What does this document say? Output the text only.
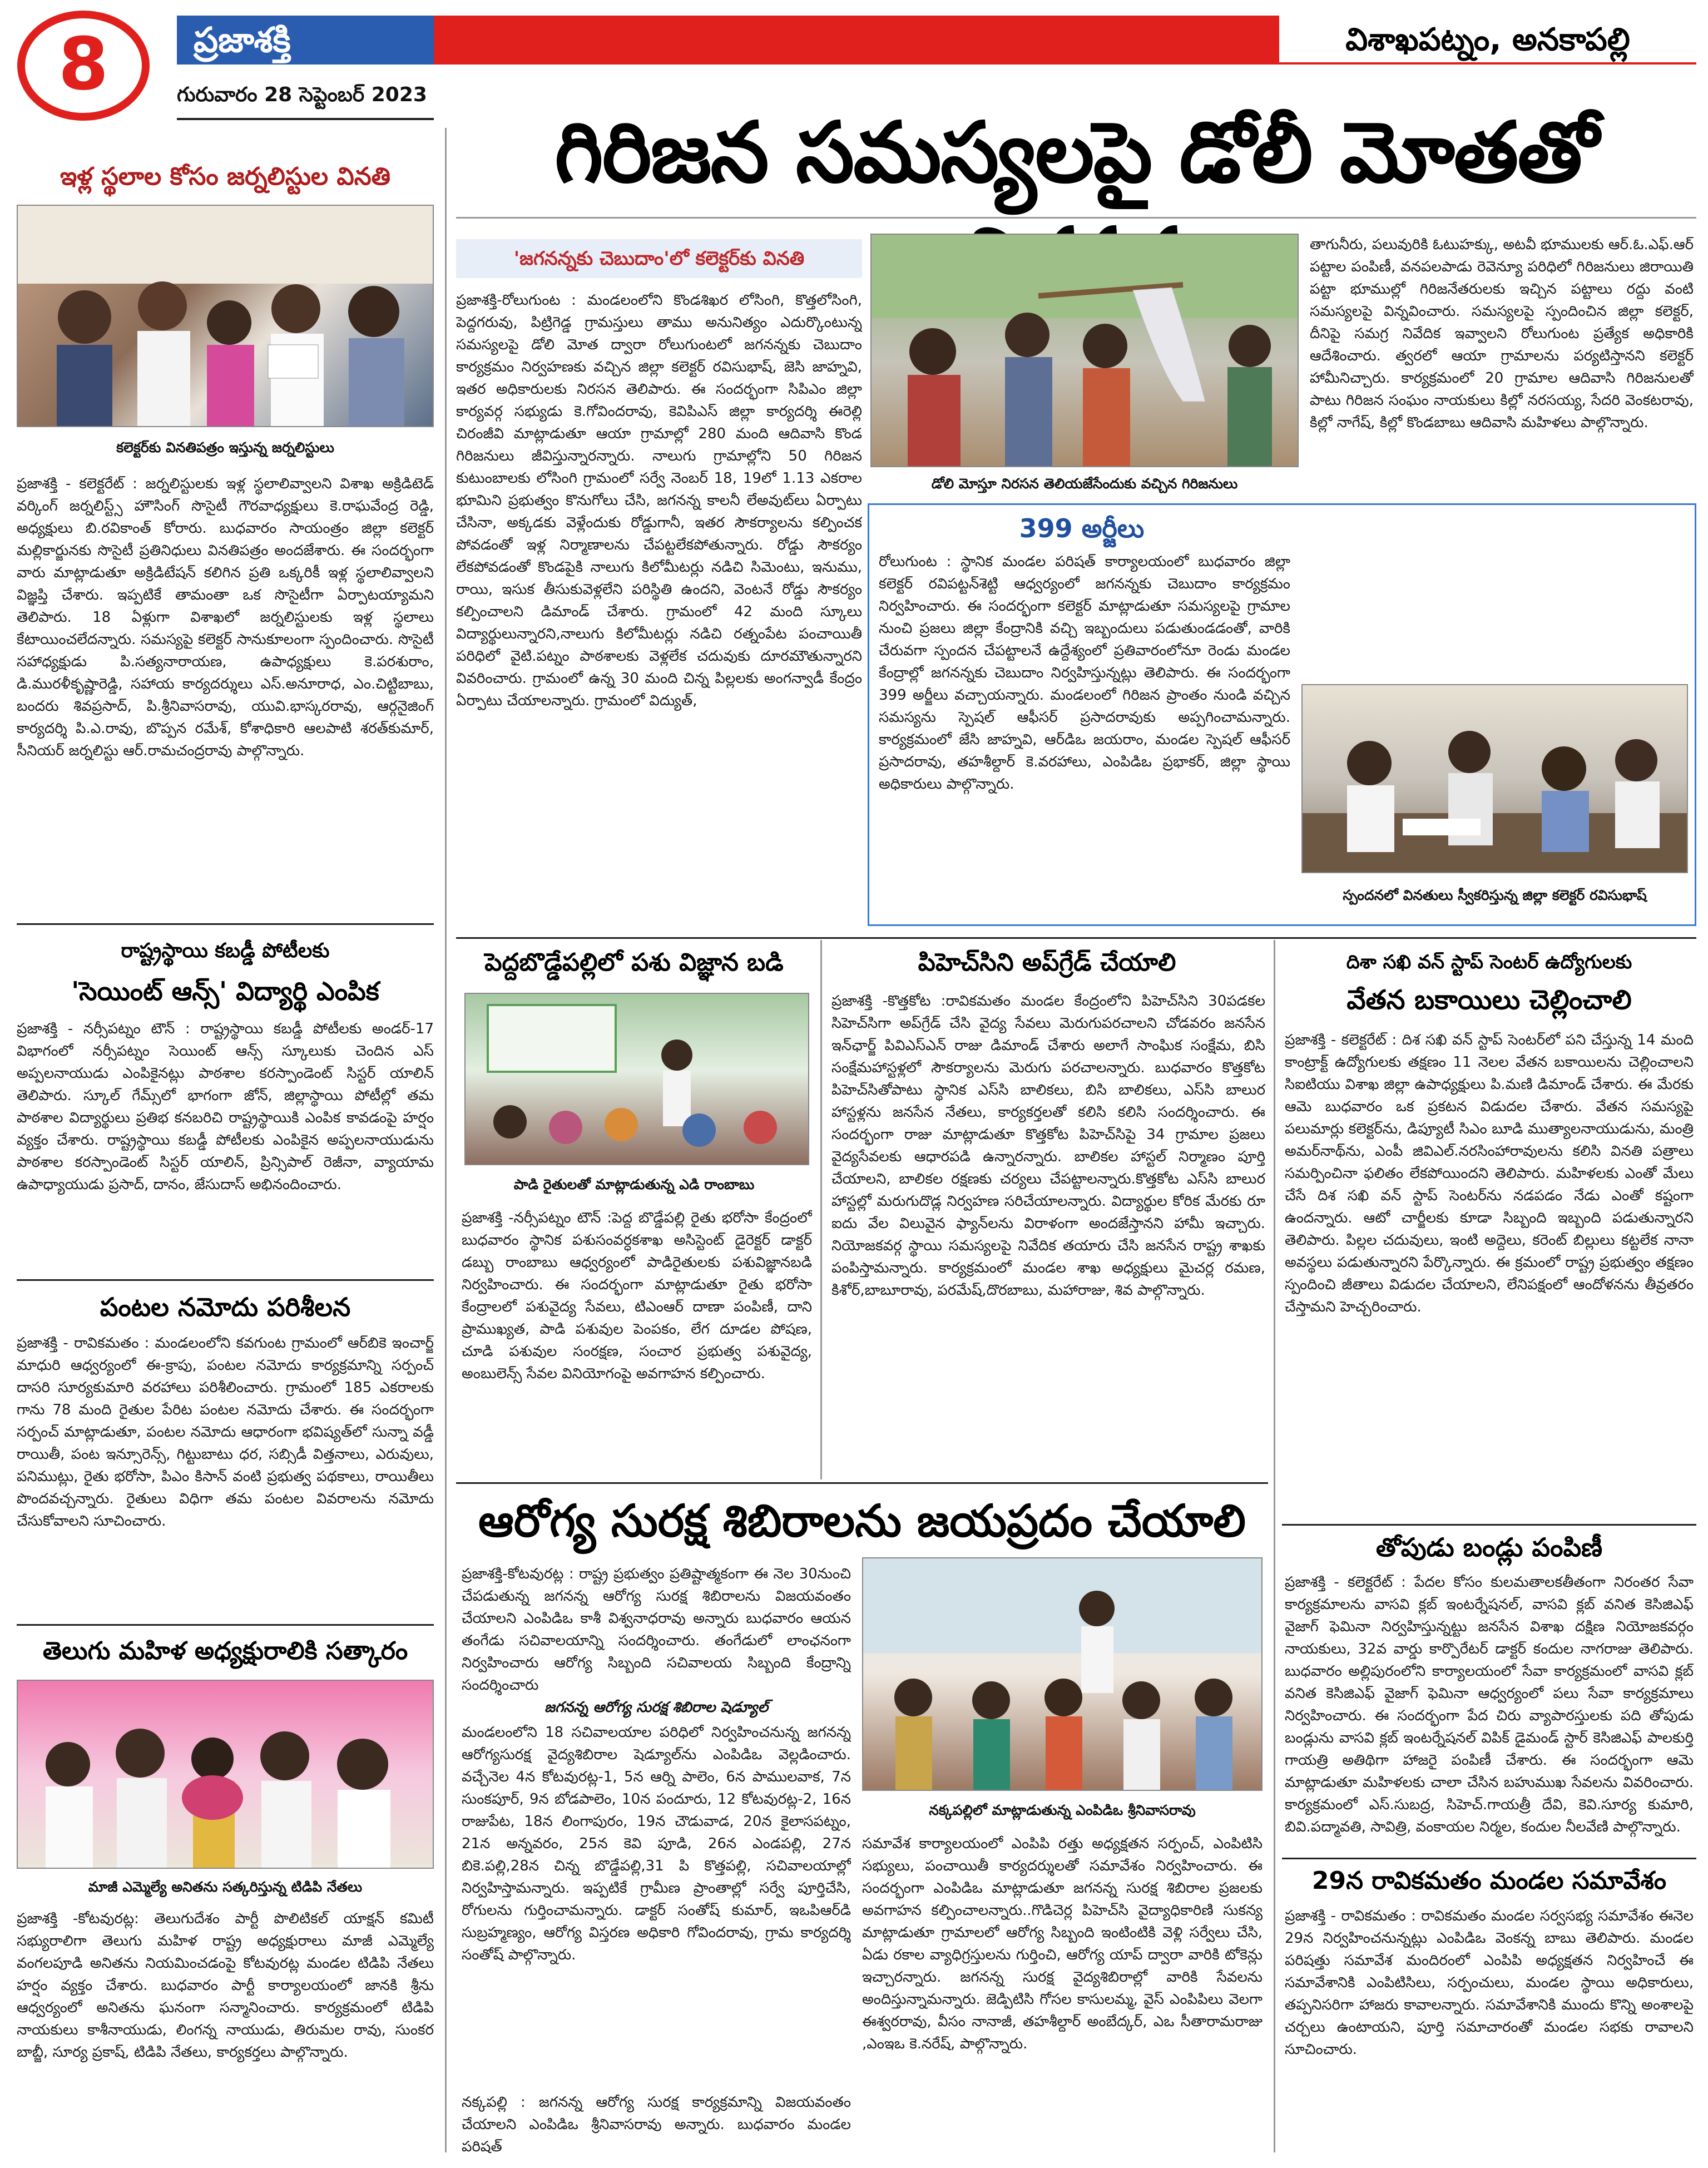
8	ప్రజాశక్తి	విశాఖపట్నం, అనకాపల్లి
గురువారం 28 సెప్టెంబర్ 2023
గిరిజన సమస్యలపై డోలీ మోతతో
ఇళ్ల స్థలాల కోసం జర్నలిస్టుల వినతి
కలెక్టర్‌కు వినతిపత్రం ఇస్తున్న జర్నలిస్టులు
ప్రజాశక్తి - కలెక్టరేట్ : జర్నలిస్టులకు ఇళ్ల స్థలాలివ్వాలని విశాఖ అక్రిడిటెడ్ వర్కింగ్ జర్నలిస్ట్స్ హౌసింగ్ సొసైటీ గౌరవాధ్యక్షులు కె.రాఘవేంద్ర రెడ్డి, అధ్యక్షులు బి.రవికాంత్ కోరారు. బుధవారం సాయంత్రం జిల్లా కలెక్టర్ మల్లికార్జునకు సొసైటీ ప్రతినిధులు వినతిపత్రం అందజేశారు. ఈ సందర్భంగా వారు మాట్లాడుతూ అక్రిడిటేషన్ కలిగిన ప్రతి ఒక్కరికీ ఇళ్ల స్థలాలివ్వాలని విజ్ఞప్తి చేశారు. ఇప్పటికే తామంతా ఒక సొసైటీగా ఏర్పాటయ్యామని తెలిపారు. 18 ఏళ్లుగా విశాఖలో జర్నలిస్టులకు ఇళ్ల స్థలాలు కేటాయించలేదన్నారు. సమస్యపై కలెక్టర్ సానుకూలంగా స్పందించారు. సొసైటీ సహాధ్యక్షుడు పి.సత్యనారాయణ, ఉపాధ్యక్షులు కె.పరశురాం, డి.మురళీకృష్ణారెడ్డి, సహాయ కార్యదర్శులు ఎస్.అనూరాధ, ఎం.చిట్టిబాబు, బందరు శివప్రసాద్, పి.శ్రీనివాసరావు, యువి.భాస్కరరావు, ఆర్గనైజింగ్ కార్యదర్శి పి.ఎ.రావు, బొప్పన రమేశ్, కోశాధికారి ఆలపాటి శరత్‌కుమార్, సీనియర్ జర్నలిస్టు ఆర్.రామచంద్రరావు పాల్గొన్నారు.
రాష్ట్రస్థాయి కబడ్డీ పోటీలకు
'సెయింట్ ఆన్స్' విద్యార్థి ఎంపిక
ప్రజాశక్తి - నర్సీపట్నం టౌన్ : రాష్ట్రస్థాయి కబడ్డీ పోటీలకు అండర్-17 విభాగంలో నర్సీపట్నం సెయింట్ ఆన్స్ స్కూలుకు చెందిన ఎస్ అప్పలనాయుడు ఎంపికైనట్లు పాఠశాల కరస్పాండెంట్ సిస్టర్ యాలిన్ తెలిపారు. స్కూల్ గేమ్స్‌లో భాగంగా జోన్, జిల్లాస్థాయి పోటీల్లో తమ పాఠశాల విద్యార్థులు ప్రతిభ కనబరిచి రాష్ట్రస్థాయికి ఎంపిక కావడంపై హర్షం వ్యక్తం చేశారు. రాష్ట్రస్థాయి కబడ్డీ పోటీలకు ఎంపికైన అప్పలనాయుడును పాఠశాల కరస్పాండెంట్ సిస్టర్ యాలిన్, ప్రిన్సిపాల్ రెజీనా, వ్యాయామ ఉపాధ్యాయుడు ప్రసాద్, దానం, జేసుదాస్ అభినందించారు.
పంటల నమోదు పరిశీలన
ప్రజాశక్తి - రావికమతం : మండలంలోని కవగుంట గ్రామంలో ఆర్‌బికె ఇంచార్జ్ మాధురి ఆధ్వర్యంలో ఈ-క్రాపు, పంటల నమోదు కార్యక్రమాన్ని సర్పంచ్ దాసరి సూర్యకుమారి వరహాలు పరిశీలించారు. గ్రామంలో 185 ఎకరాలకు గాను 78 మంది రైతుల పేరిట పంటల నమోదు చేశారు. ఈ సందర్భంగా సర్పంచ్ మాట్లాడుతూ, పంటల నమోదు ఆధారంగా భవిష్యత్‌లో సున్నా వడ్డీ రాయితీ, పంట ఇన్సూరెన్స్, గిట్టుబాటు ధర, సబ్సిడీ విత్తనాలు, ఎరువులు, పనిముట్లు, రైతు భరోసా, పిఎం కిసాన్ వంటి ప్రభుత్వ పథకాలు, రాయితీలు పొందవచ్చన్నారు. రైతులు విధిగా తమ పంటల వివరాలను నమోదు చేసుకోవాలని సూచించారు.
తెలుగు మహిళ అధ్యక్షురాలికి సత్కారం
మాజీ ఎమ్మెల్యే అనితను సత్కరిస్తున్న టిడిపి నేతలు
ప్రజాశక్తి -కోటవురట్ల: తెలుగుదేశం పార్టీ పొలిటికల్ యాక్షన్ కమిటీ సభ్యురాలిగా తెలుగు మహిళ రాష్ట్ర అధ్యక్షురాలు మాజీ ఎమ్మెల్యే వంగలపూడి అనితను నియమించడంపై కోటవురట్ల మండల టిడిపి నేతలు హర్షం వ్యక్తం చేశారు. బుధవారం పార్టీ కార్యాలయంలో జానకి శ్రీను ఆధ్వర్యంలో అనితను ఘనంగా సన్మానించారు. కార్యక్రమంలో టిడిపి నాయకులు కాశీనాయుడు, లింగన్న నాయుడు, తిరుమల రావు, సుంకర బాబ్జీ, సూర్య ప్రకాష్, టిడిపి నేతలు, కార్యకర్తలు పాల్గొన్నారు.
'జగనన్నకు చెబుదాం'లో కలెక్టర్‌కు వినతి
ప్రజాశక్తి-రోలుగుంట : మండలంలోని కొండశిఖర లోసింగి, కొత్తలోసింగి, పెద్దగరువు, పిట్రిగెడ్డ గ్రామస్తులు తాము అనునిత్యం ఎదుర్కొంటున్న సమస్యలపై డోలి మోత ద్వారా రోలుగుంటలో జగనన్నకు చెబుదాం కార్యక్రమం నిర్వహణకు వచ్చిన జిల్లా కలెక్టర్ రవిసుభాష్, జెసి జాహ్నవి, ఇతర అధికారులకు నిరసన తెలిపారు. ఈ సందర్భంగా సిపిఎం జిల్లా కార్యవర్గ సభ్యుడు కె.గోవిందరావు, కెవిపిఎస్ జిల్లా కార్యదర్శి ఈరెల్లి చిరంజీవి మాట్లాడుతూ ఆయా గ్రామాల్లో 280 మంది ఆదివాసి కొండ గిరిజనులు జీవిస్తున్నారన్నారు. నాలుగు గ్రామాల్లోని 50 గిరిజన కుటుంబాలకు లోసింగి గ్రామంలో సర్వే నెంబర్ 18, 19లో 1.13 ఎకరాల భూమిని ప్రభుత్వం కొనుగోలు చేసి, జగనన్న కాలనీ లేఅవుట్‌లు ఏర్పాటు చేసినా, అక్కడకు వెళ్లేందుకు రోడ్డుగానీ, ఇతర సౌకర్యాలను కల్పించక పోవడంతో ఇళ్ల నిర్మాణాలను చేపట్టలేకపోతున్నారు. రోడ్డు సౌకర్యం లేకపోవడంతో కొండపైకి నాలుగు కిలోమీటర్లు నడిచి సిమెంటు, ఇనుము, రాయి, ఇసుక తీసుకువెళ్లలేని పరిస్థితి ఉందని, వెంటనే రోడ్డు సౌకర్యం కల్పించాలని డిమాండ్ చేశారు. గ్రామంలో 42 మంది స్కూలు విద్యార్థులున్నారని,నాలుగు కిలోమీటర్లు నడిచి రత్నంపేట పంచాయితీ పరిధిలో వైటి.పట్నం పాఠశాలకు వెళ్లలేక చదువుకు దూరమౌతున్నారని వివరించారు. గ్రామంలో ఉన్న 30 మంది చిన్న పిల్లలకు అంగన్వాడీ కేంద్రం ఏర్పాటు చేయాలన్నారు. గ్రామంలో విద్యుత్,
డోలి మోస్తూ నిరసన తెలియజేసేందుకు వచ్చిన గిరిజనులు
తాగునీరు, పలువురికి ఓటుహక్కు, అటవీ భూములకు ఆర్.ఓ.ఎఫ్.ఆర్ పట్టాల పంపిణీ, వనపలపాడు రెవెన్యూ పరిధిలో గిరిజనులు జిరాయితి పట్టా భూముల్లో గిరిజనేతరులకు ఇచ్చిన పట్టాలు రద్దు వంటి సమస్యలపై విన్నవించారు. సమస్యలపై స్పందించిన జిల్లా కలెక్టర్, దీనిపై సమగ్ర నివేదిక ఇవ్వాలని రోలుగుంట ప్రత్యేక అధికారికి ఆదేశించారు. త్వరలో ఆయా గ్రామాలను పర్యటిస్తానని కలెక్టర్ హామీనిచ్చారు. కార్యక్రమంలో 20 గ్రామాల ఆదివాసి గిరిజనులతో పాటు గిరిజన సంఘం నాయకులు కిల్లో నరసయ్య, సేదరి వెంకటరావు, కిల్లో నాగేష్, కిల్లో కొండబాబు ఆదివాసి మహిళలు పాల్గొన్నారు.
399 అర్జీలు
రోలుగుంట : స్థానిక మండల పరిషత్ కార్యాలయంలో బుధవారం జిల్లా కలెక్టర్ రవిపట్టన్‌శెట్టి ఆధ్వర్యంలో జగనన్నకు చెబుదాం కార్యక్రమం నిర్వహించారు. ఈ సందర్భంగా కలెక్టర్ మాట్లాడుతూ సమస్యలపై గ్రామాల నుంచి ప్రజలు జిల్లా కేంద్రానికి వచ్చి ఇబ్బందులు పడుతుండడంతో, వారికి చేరువగా స్పందన చేపట్టాలనే ఉద్దేశ్యంలో ప్రతివారంలోనూ రెండు మండల కేంద్రాల్లో జగనన్నకు చెబుదాం నిర్వహిస్తున్నట్లు తెలిపారు. ఈ సందర్భంగా 399 అర్జీలు వచ్చాయన్నారు. మండలంలో గిరిజన ప్రాంతం నుండి వచ్చిన సమస్యను స్పెషల్ ఆఫీసర్ ప్రసాదరావుకు అప్పగించామన్నారు. కార్యక్రమంలో జేసి జాహ్నవి, ఆర్‌డిఒ జయరాం, మండల స్పెషల్ ఆఫీసర్ ప్రసాదరావు, తహశీల్దార్ కె.వరహాలు, ఎంపిడిఒ ప్రభాకర్, జిల్లా స్థాయి అధికారులు పాల్గొన్నారు.
స్పందనలో వినతులు స్వీకరిస్తున్న జిల్లా కలెక్టర్ రవిసుభాష్
పెద్దబొడ్డేపల్లిలో పశు విజ్ఞాన బడి
పాడి రైతులతో మాట్లాడుతున్న ఎడి రాంబాబు
ప్రజాశక్తి -నర్సీపట్నం టౌన్ :పెద్ద బొడ్డేపల్లి రైతు భరోసా కేంద్రంలో బుధవారం స్థానిక పశుసంవర్ధకశాఖ అసిస్టెంట్ డైరెక్టర్ డాక్టర్ డబ్బు రాంబాబు ఆధ్వర్యంలో పాడిరైతులకు పశువిజ్ఞానబడి నిర్వహించారు. ఈ సందర్భంగా మాట్లాడుతూ రైతు భరోసా కేంద్రాలలో పశువైద్య సేవలు, టిఎంఆర్ దాణా పంపిణీ, దాని ప్రాముఖ్యత, పాడి పశువుల పెంపకం, లేగ దూడల పోషణ, చూడి పశువుల సంరక్షణ, సంచార ప్రభుత్వ పశువైద్య, అంబులెన్స్ సేవల వినియోగంపై అవగాహన కల్పించారు.
పిహెచ్‌సిని అప్‌గ్రేడ్ చేయాలి
ప్రజాశక్తి -కొత్తకోట :రావికమతం మండల కేంద్రంలోని పిహెచ్‌సిని 30పడకల సిహెచ్‌సిగా అప్‌గ్రేడ్ చేసి వైద్య సేవలు మెరుగుపరచాలని చోడవరం జనసేన ఇన్‌ఛార్జ్ పివిఎస్ఎన్ రాజు డిమాండ్ చేశారు అలాగే సాంఘిక సంక్షేమ, బిసి సంక్షేమహాస్టళ్లలో సౌకర్యాలను మెరుగు పరచాలన్నారు. బుధవారం కొత్తకోట పిహెచ్‌సితోపాటు స్థానిక ఎస్‌సి బాలికలు, బిసి బాలికలు, ఎస్‌సి బాలుర హాస్టళ్లను జనసేన నేతలు, కార్యకర్తలతో కలిసి కలిసి సందర్శించారు. ఈ సందర్భంగా రాజు మాట్లాడుతూ కొత్తకోట పిహెచ్‌సిపై 34 గ్రామాల ప్రజలు వైద్యసేవలకు ఆధారపడి ఉన్నారన్నారు. బాలికల హాస్టల్ నిర్మాణం పూర్తి చేయాలని, బాలికల రక్షణకు చర్యలు చేపట్టాలన్నారు.కొత్తకోట ఎస్‌సి బాలుర హాస్టల్లో మరుగుదొడ్ల నిర్వహణ సరిచేయాలన్నారు. విద్యార్థుల కోరిక మేరకు రూ ఐదు వేల విలువైన ఫ్యాన్‌లను విరాళంగా అందజేస్తానని హామీ ఇచ్చారు. నియోజకవర్గ స్థాయి సమస్యలపై నివేదిక తయారు చేసి జనసేన రాష్ట్ర శాఖకు పంపిస్తామన్నారు. కార్యక్రమంలో మండల శాఖ అధ్యక్షులు మైచర్ల రమణ, కిశోర్,బాబూరావు, పరమేష్,దొరబాబు, మహారాజు, శివ పాల్గొన్నారు.
దిశా సఖి వన్ స్టాప్ సెంటర్ ఉద్యోగులకు
వేతన బకాయిలు చెల్లించాలి
ప్రజాశక్తి - కలెక్టరేట్ : దిశ సఖి వన్ స్టాప్ సెంటర్‌లో పని చేస్తున్న 14 మంది కాంట్రాక్ట్ ఉద్యోగులకు తక్షణం 11 నెలల వేతన బకాయిలను చెల్లించాలని సిఐటియు విశాఖ జిల్లా ఉపాధ్యక్షులు పి.మణి డిమాండ్ చేశారు. ఈ మేరకు ఆమె బుధవారం ఒక ప్రకటన విడుదల చేశారు. వేతన సమస్యపై పలుమార్లు కలెక్టర్‌ను, డిప్యూటీ సిఎం బూడి ముత్యాలనాయుడును, మంత్రి అమర్‌నాథ్‌ను, ఎంపీ జివిఎల్.నరసింహారావులను కలిసి వినతి పత్రాలు సమర్పించినా ఫలితం లేకపోయిందని తెలిపారు. మహిళలకు ఎంతో మేలు చేసే దిశ సఖి వన్ స్టాప్ సెంటర్‌ను నడపడం నేడు ఎంతో కష్టంగా ఉందన్నారు. ఆటో చార్జీలకు కూడా సిబ్బంది ఇబ్బంది పడుతున్నారని తెలిపారు. పిల్లల చదువులు, ఇంటి అద్దెలు, కరెంట్ బిల్లులు కట్టలేక నానా అవస్థలు పడుతున్నారని పేర్కొన్నారు. ఈ క్రమంలో రాష్ట్ర ప్రభుత్వం తక్షణం స్పందించి జీతాలు విడుదల చేయాలని, లేనిపక్షంలో ఆందోళనను తీవ్రతరం చేస్తామని హెచ్చరించారు.
తోపుడు బండ్లు పంపిణీ
ప్రజాశక్తి - కలెక్టరేట్ : పేదల కోసం కులమతాలకతీతంగా నిరంతర సేవా కార్యక్రమాలను వాసవి క్లబ్ ఇంటర్నేషనల్, వాసవి క్లబ్ వనిత కెసిజిఎఫ్ వైజాగ్ ఫెమినా నిర్వహిస్తున్నట్టు జనసేన విశాఖ దక్షిణ నియోజకవర్గం నాయకులు, 32వ వార్డు కార్పొరేటర్ డాక్టర్ కందుల నాగరాజు తెలిపారు. బుధవారం అల్లిపురంలోని కార్యాలయంలో సేవా కార్యక్రమంలో వాసవి క్లబ్ వనిత కెసిజిఎఫ్ వైజాగ్ ఫెమినా ఆధ్వర్యంలో పలు సేవా కార్యక్రమాలు నిర్వహించారు. ఈ సందర్భంగా పేద చిరు వ్యాపారస్తులకు పది తోపుడు బండ్లును వాసవి క్లబ్ ఇంటర్నేషనల్ విపిక్ డైమండ్ స్టార్ కెసిజిఎఫ్ పాలకుర్తి గాయత్రి అతిథిగా హాజరై పంపిణీ చేశారు. ఈ సందర్భంగా ఆమె మాట్లాడుతూ మహిళలకు చాలా చేసిన బహుముఖ సేవలను వివరించారు. కార్యక్రమంలో ఎస్.సుబద్ర, సిహెచ్.గాయత్రీ దేవి, కెవి.సూర్య కుమారి, బివి.పద్మావతి, సావిత్రి, వంకాయల నిర్మల, కందుల నీలవేణి పాల్గొన్నారు.
29న రావికమతం మండల సమావేశం
ప్రజాశక్తి - రావికమతం : రావికమతం మండల సర్వసభ్య సమావేశం ఈనెల 29న నిర్వహించనున్నట్లు ఎంపిడిఒ వెంకన్న బాబు తెలిపారు. మండల పరిషత్తు సమావేశ మందిరంలో ఎంపిపి అధ్యక్షతన నిర్వహించే ఈ సమావేశానికి ఎంపిటిసిలు, సర్పంచులు, మండల స్థాయి అధికారులు, తప్పనిసరిగా హాజరు కావాలన్నారు. సమావేశానికి ముందు కొన్ని అంశాలపై చర్చలు ఉంటాయని, పూర్తి సమాచారంతో మండల సభకు రావాలని సూచించారు.
ఆరోగ్య సురక్ష శిబిరాలను జయప్రదం చేయాలి
ప్రజాశక్తి-కోటవురట్ల : రాష్ట్ర ప్రభుత్వం ప్రతిష్టాత్మకంగా ఈ నెల 30నుంచి చేపడుతున్న జగనన్న ఆరోగ్య సురక్ష శిబిరాలను విజయవంతం చేయాలని ఎంపిడిఒ కాశీ విశ్వనాధరావు అన్నారు బుధవారం ఆయన తంగేడు సచివాలయాన్ని సందర్శించారు. తంగేడులో లాంఛనంగా నిర్వహించారు ఆరోగ్య సిబ్బంది సచివాలయ సిబ్బంది కేంద్రాన్ని సందర్శించారు
జగనన్న ఆరోగ్య సురక్ష శిబిరాల షెడ్యూల్
మండలంలోని 18 సచివాలయాల పరిధిలో నిర్వహించనున్న జగనన్న ఆరోగ్యసురక్ష వైద్యశిబిరాల షెడ్యూల్‌ను ఎంపిడిఒ వెల్లడించారు. వచ్చేనెల 4న కోటవురట్ల-1, 5న ఆర్ని పాలెం, 6న పాములవాక, 7న సుంకపూర్, 9న బోడపాలెం, 10న పందూరు, 12 కోటవురట్ల-2, 16న రాజుపేట, 18న లింగాపురం, 19న చౌడువాడ, 20న కైలాసపట్నం, 21న అన్నవరం, 25న కెవి పూడి, 26న ఎండపల్లి, 27న బికె.పల్లి,28న చిన్న బొడ్డేపల్లి,31 పి కొత్తపల్లి, సచివాలయాల్లో నిర్వహిస్తామన్నారు. ఇప్పటికే గ్రామీణ ప్రాంతాల్లో సర్వే పూర్తిచేసి, రోగులను గుర్తించామన్నారు. డాక్టర్ సంతోష్ కుమార్, ఇఒపిఆర్‌డి సుబ్రహ్మణ్యం, ఆరోగ్య విస్తరణ అధికారి గోవిందరావు, గ్రామ కార్యదర్శి సంతోష్ పాల్గొన్నారు.
నక్కపల్లి : జగనన్న ఆరోగ్య సురక్ష కార్యక్రమాన్ని విజయవంతం చేయాలని ఎంపిడిఒ శ్రీనివాసరావు అన్నారు. బుధవారం మండల పరిషత్
నక్కపల్లిలో మాట్లాడుతున్న ఎంపిడిఒ శ్రీనివాసరావు
సమావేశ కార్యాలయంలో ఎంపిపి రత్తు అధ్యక్షతన సర్పంచ్, ఎంపిటిసి సభ్యులు, పంచాయితీ కార్యదర్శులతో సమావేశం నిర్వహించారు. ఈ సందర్భంగా ఎంపిడిఒ మాట్లాడుతూ జగనన్న సురక్ష శిబిరాల ప్రజలకు అవగాహన కల్పించాలన్నారు..గొడిచెర్ల పిహెచ్‌సి వైద్యాధికారిణి సుకన్య మాట్లాడుతూ గ్రామాలలో ఆరోగ్య సిబ్బంది ఇంటింటికి వెళ్లి సర్వేలు చేసి, ఏడు రకాల వ్యాధిగ్రస్తులను గుర్తించి, ఆరోగ్య యాప్ ద్వారా వారికి టోకెన్లు ఇచ్చారన్నారు. జగనన్న సురక్ష వైద్యశిబిరాల్లో వారికి సేవలను అందిస్తున్నామన్నారు. జెడ్పిటిసి గోసల కాసులమ్మ, వైస్ ఎంపిపిలు వెలగా ఈశ్వరరావు, వీసం నానాజీ, తహశీల్దార్ అంబేద్కర్, ఎఒ సీతారామరాజు ,ఎంఇఒ కె.నరేష్, పాల్గొన్నారు.
